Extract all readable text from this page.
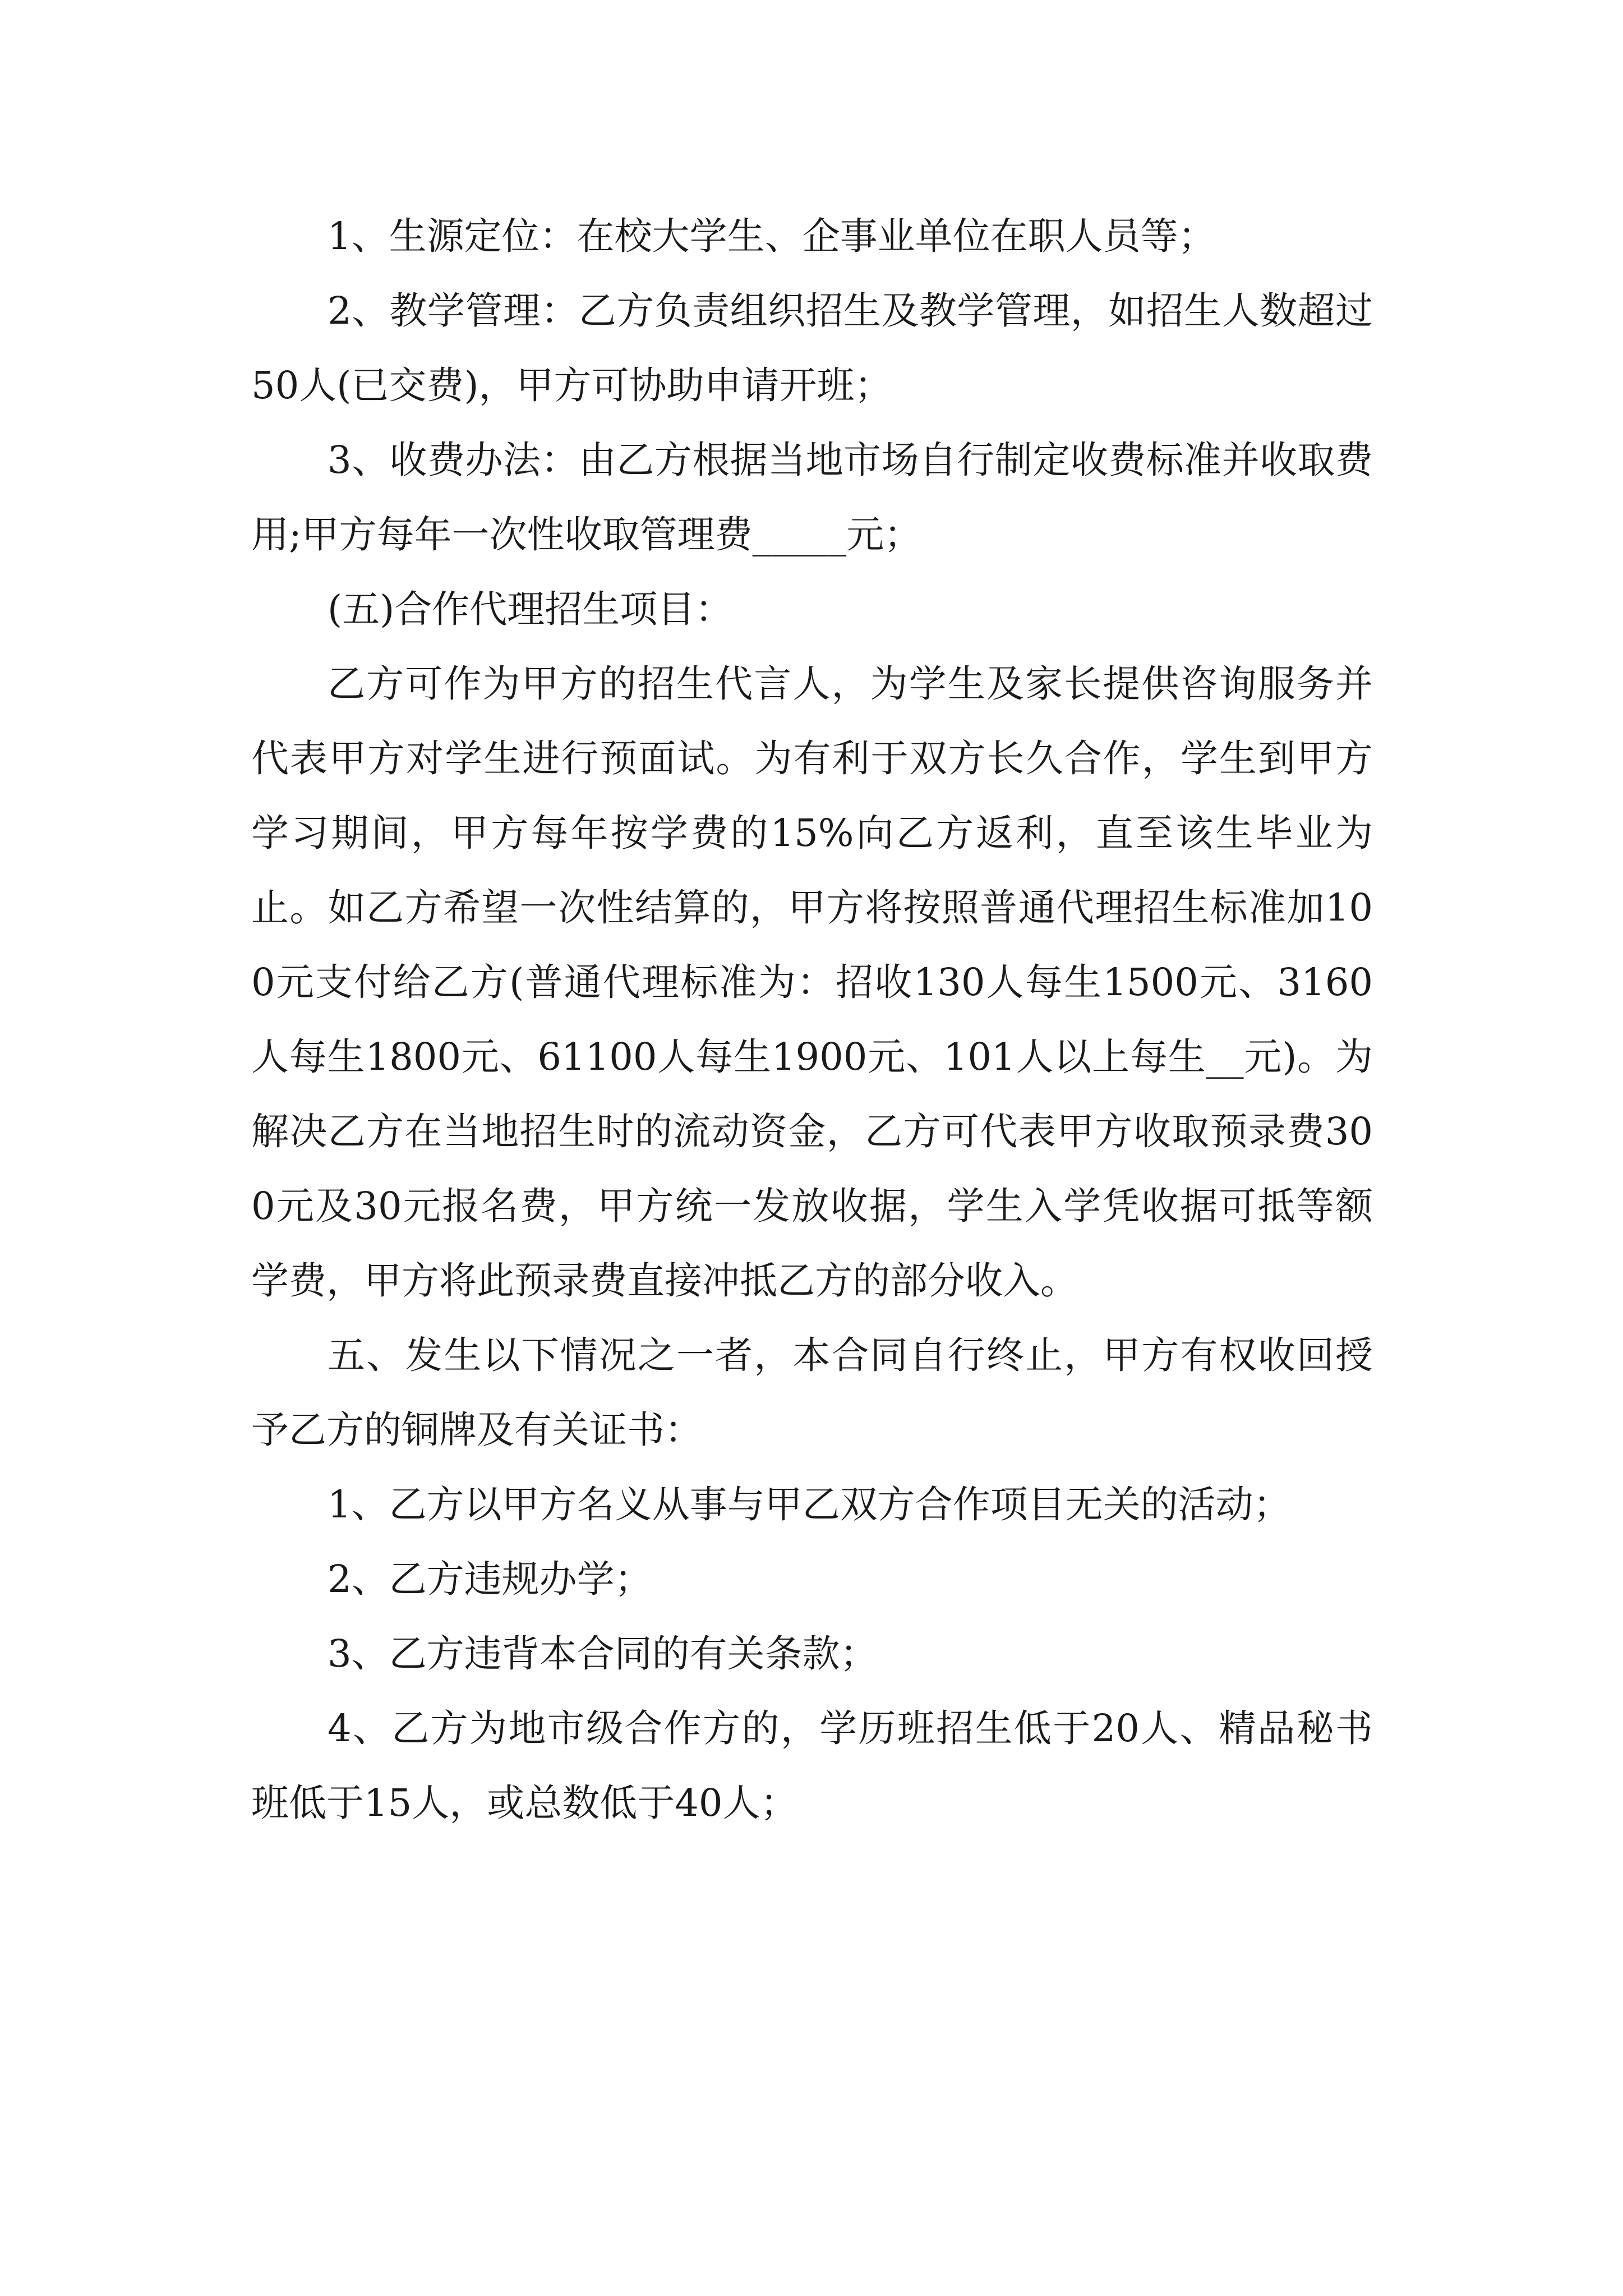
1、生源定位：在校大学生、企事业单位在职人员等；

2、教学管理：乙方负责组织招生及教学管理，如招生人数超过50人(已交费)，甲方可协助申请开班；

3、收费办法：由乙方根据当地市场自行制定收费标准并收取费用;甲方每年一次性收取管理费_____元；

(五)合作代理招生项目：

乙方可作为甲方的招生代言人，为学生及家长提供咨询服务并代表甲方对学生进行预面试。为有利于双方长久合作，学生到甲方学习期间，甲方每年按学费的15%向乙方返利，直至该生毕业为止。如乙方希望一次性结算的，甲方将按照普通代理招生标准加100元支付给乙方(普通代理标准为：招收130人每生1500元、3160人每生1800元、61100人每生1900元、101人以上每生__元)。为解决乙方在当地招生时的流动资金，乙方可代表甲方收取预录费300元及30元报名费，甲方统一发放收据，学生入学凭收据可抵等额学费，甲方将此预录费直接冲抵乙方的部分收入。

五、发生以下情况之一者，本合同自行终止，甲方有权收回授予乙方的铜牌及有关证书：

1、乙方以甲方名义从事与甲乙双方合作项目无关的活动；

2、乙方违规办学；

3、乙方违背本合同的有关条款；

4、乙方为地市级合作方的，学历班招生低于20人、精品秘书班低于15人，或总数低于40人；
